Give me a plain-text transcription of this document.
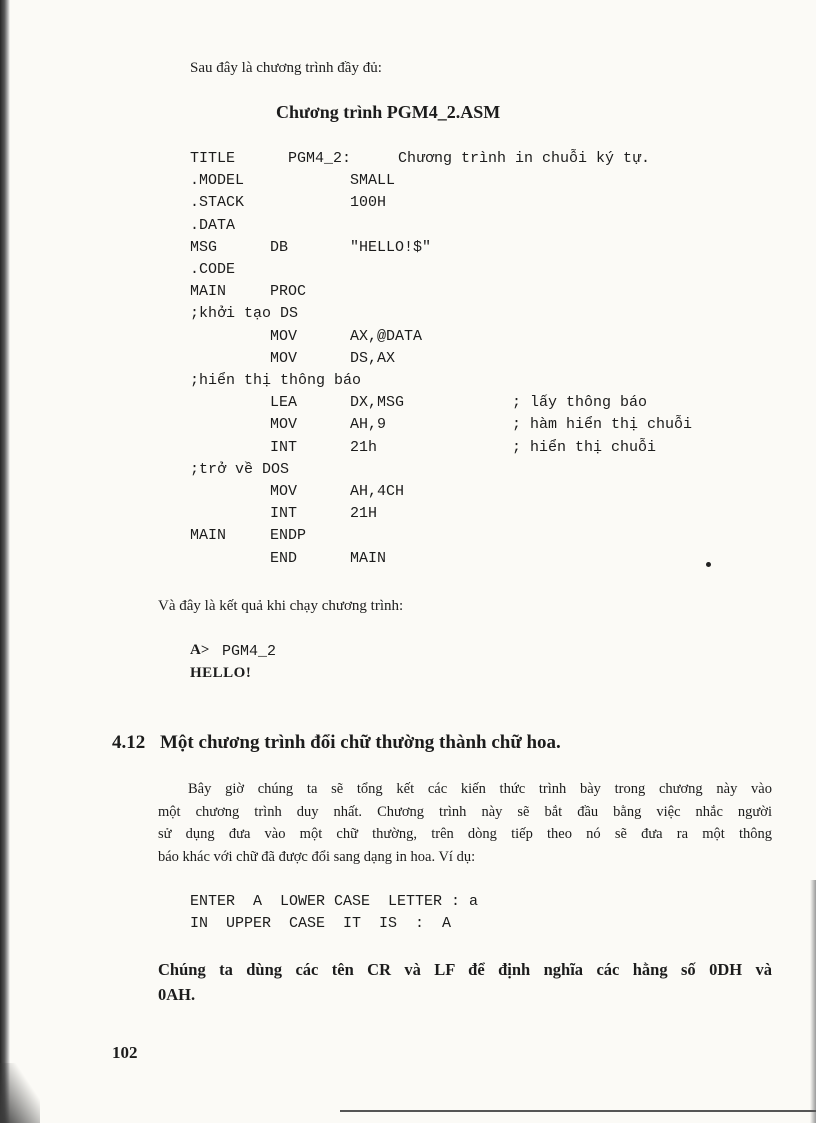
Sau đây là chương trình đầy đủ:
Chương trình PGM4_2.ASM
TITLE	PGM4_2:	Chương trình in chuỗi ký tự.
.MODEL	SMALL
.STACK	100H
.DATA
MSG	DB	"HELLO!$"
.CODE
MAIN	PROC
;khởi tạo DS
MOV	AX,@DATA
MOV	DS,AX
;hiển thị thông báo
LEA	DX,MSG	; lấy thông báo
MOV	AH,9	; hàm hiển thị chuỗi
INT	21h	; hiển thị chuỗi
;trở về DOS
MOV	AH,4CH
INT	21H
MAIN	ENDP
END	MAIN
Và đây là kết quả khi chạy chương trình:
A> PGM4_2
HELLO!
4.12 Một chương trình đổi chữ thường thành chữ hoa.
Bây giờ chúng ta sẽ tổng kết các kiến thức trình bày trong chương này vào
một chương trình duy nhất. Chương trình này sẽ bắt đầu bằng việc nhắc người
sử dụng đưa vào một chữ thường, trên dòng tiếp theo nó sẽ đưa ra một thông
báo khác với chữ đã được đổi sang dạng in hoa. Ví dụ:
ENTER  A  LOWER CASE  LETTER : a
IN  UPPER  CASE  IT  IS  :  A
Chúng ta dùng các tên CR và LF để định nghĩa các hằng số 0DH và
0AH.
102
